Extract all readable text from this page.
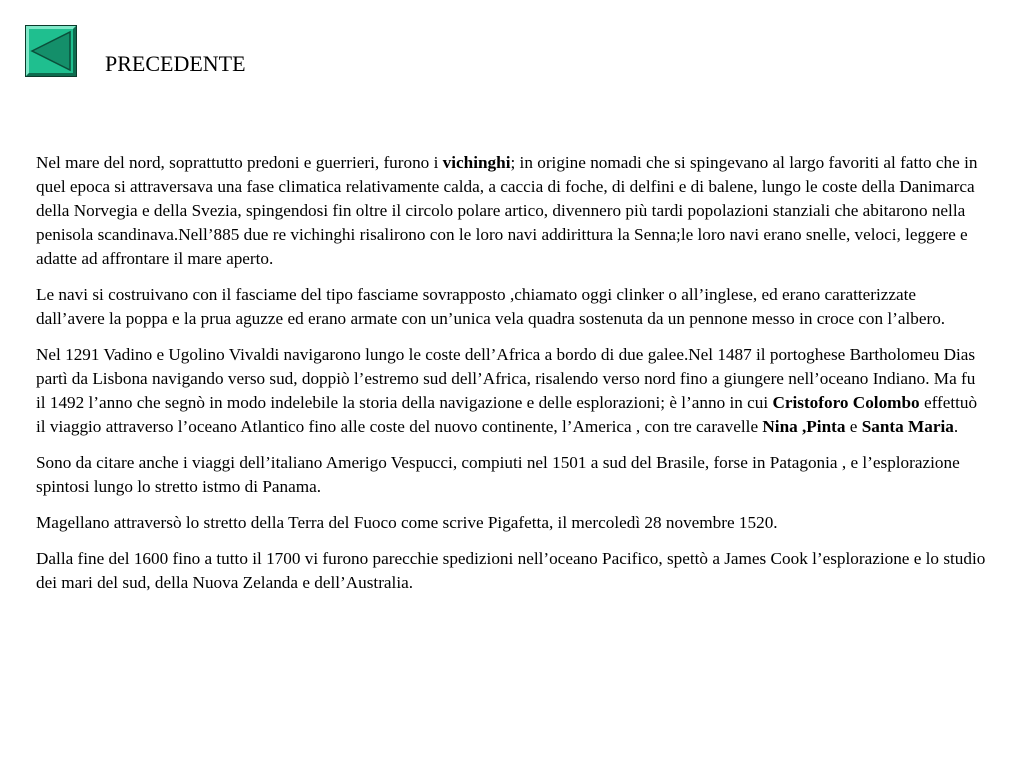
PRECEDENTE

Nel mare del nord, soprattutto predoni e guerrieri, furono i vichinghi; in origine nomadi che si spingevano al largo favoriti al fatto che in quel epoca si attraversava una fase climatica relativamente calda, a caccia di foche, di delfini e di balene, lungo le coste della Danimarca della Norvegia e della Svezia, spingendosi fin oltre il circolo polare artico, divennero più tardi popolazioni stanziali che abitarono nella penisola scandinava.Nell’885 due re vichinghi risalirono con le loro navi addirittura la Senna;le loro navi erano snelle, veloci, leggere e adatte ad affrontare il mare aperto.

Le navi si costruivano con il fasciame del tipo fasciame sovrapposto ,chiamato oggi clinker o all’inglese, ed erano caratterizzate dall’avere la poppa e la prua aguzze ed erano armate con un’unica vela quadra sostenuta da un pennone messo in croce con l’albero.

Nel 1291 Vadino e Ugolino Vivaldi navigarono lungo le coste dell’Africa a bordo di due galee.Nel 1487 il portoghese Bartholomeu Dias partì da Lisbona navigando verso sud, doppiò l’estremo sud dell’Africa, risalendo verso nord fino a giungere nell’oceano Indiano. Ma fu il 1492 l’anno che segnò in modo indelebile la storia della navigazione e delle esplorazioni; è l’anno in cui Cristoforo Colombo effettuò il viaggio attraverso l’oceano Atlantico fino alle coste del nuovo continente, l’America , con tre caravelle Nina ,Pinta e Santa Maria.

Sono da citare anche i viaggi dell’italiano Amerigo Vespucci, compiuti nel 1501 a sud del Brasile, forse in Patagonia , e l’esplorazione spintosi lungo lo stretto istmo di Panama.

Magellano attraversò lo stretto della Terra del Fuoco come scrive Pigafetta, il mercoledì 28 novembre 1520.

Dalla fine del 1600 fino a tutto il 1700 vi furono parecchie spedizioni nell’oceano Pacifico, spettò a James Cook l’esplorazione e lo studio dei mari del sud, della Nuova Zelanda e dell’Australia.
